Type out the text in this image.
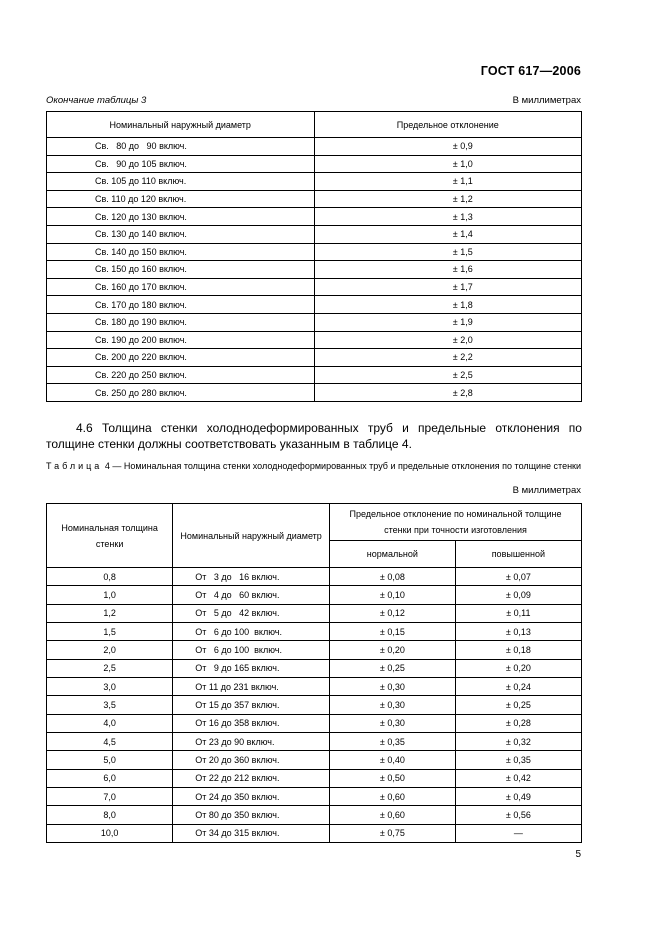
ГОСТ 617—2006
Окончание таблицы 3	В миллиметрах
Номинальный наружный диаметр	Предельное отклонение
Св.   80 до   90 включ.	± 0,9
Св.   90 до 105 включ.	± 1,0
Св. 105 до 110 включ.	± 1,1
Св. 110 до 120 включ.	± 1,2
Св. 120 до 130 включ.	± 1,3
Св. 130 до 140 включ.	± 1,4
Св. 140 до 150 включ.	± 1,5
Св. 150 до 160 включ.	± 1,6
Св. 160 до 170 включ.	± 1,7
Св. 170 до 180 включ.	± 1,8
Св. 180 до 190 включ.	± 1,9
Св. 190 до 200 включ.	± 2,0
Св. 200 до 220 включ.	± 2,2
Св. 220 до 250 включ.	± 2,5
Св. 250 до 280 включ.	± 2,8
4.6 Толщина стенки холоднодеформированных труб и предельные отклонения по толщине стенки должны соответствовать указанным в таблице 4.
Таблица 4 — Номинальная толщина стенки холоднодеформированных труб и предельные отклонения по толщине стенки
В миллиметрах
Номинальная толщина стенки	Номинальный наружный диаметр	Предельное отклонение по номинальной толщине стенки при точности изготовления	
		нормальной	повышенной
0,8	От   3 до   16 включ.	± 0,08	± 0,07
1,0	От   4 до   60 включ.	± 0,10	± 0,09
1,2	От   5 до   42 включ.	± 0,12	± 0,11
1,5	От   6 до 100  включ.	± 0,15	± 0,13
2,0	От   6 до 100  включ.	± 0,20	± 0,18
2,5	От   9 до 165 включ.	± 0,25	± 0,20
3,0	От 11 до 231 включ.	± 0,30	± 0,24
3,5	От 15 до 357 включ.	± 0,30	± 0,25
4,0	От 16 до 358 включ.	± 0,30	± 0,28
4,5	От 23 до 90 включ.	± 0,35	± 0,32
5,0	От 20 до 360 включ.	± 0,40	± 0,35
6,0	От 22 до 212 включ.	± 0,50	± 0,42
7,0	От 24 до 350 включ.	± 0,60	± 0,49
8,0	От 80 до 350 включ.	± 0,60	± 0,56
10,0	От 34 до 315 включ.	± 0,75	—
5
